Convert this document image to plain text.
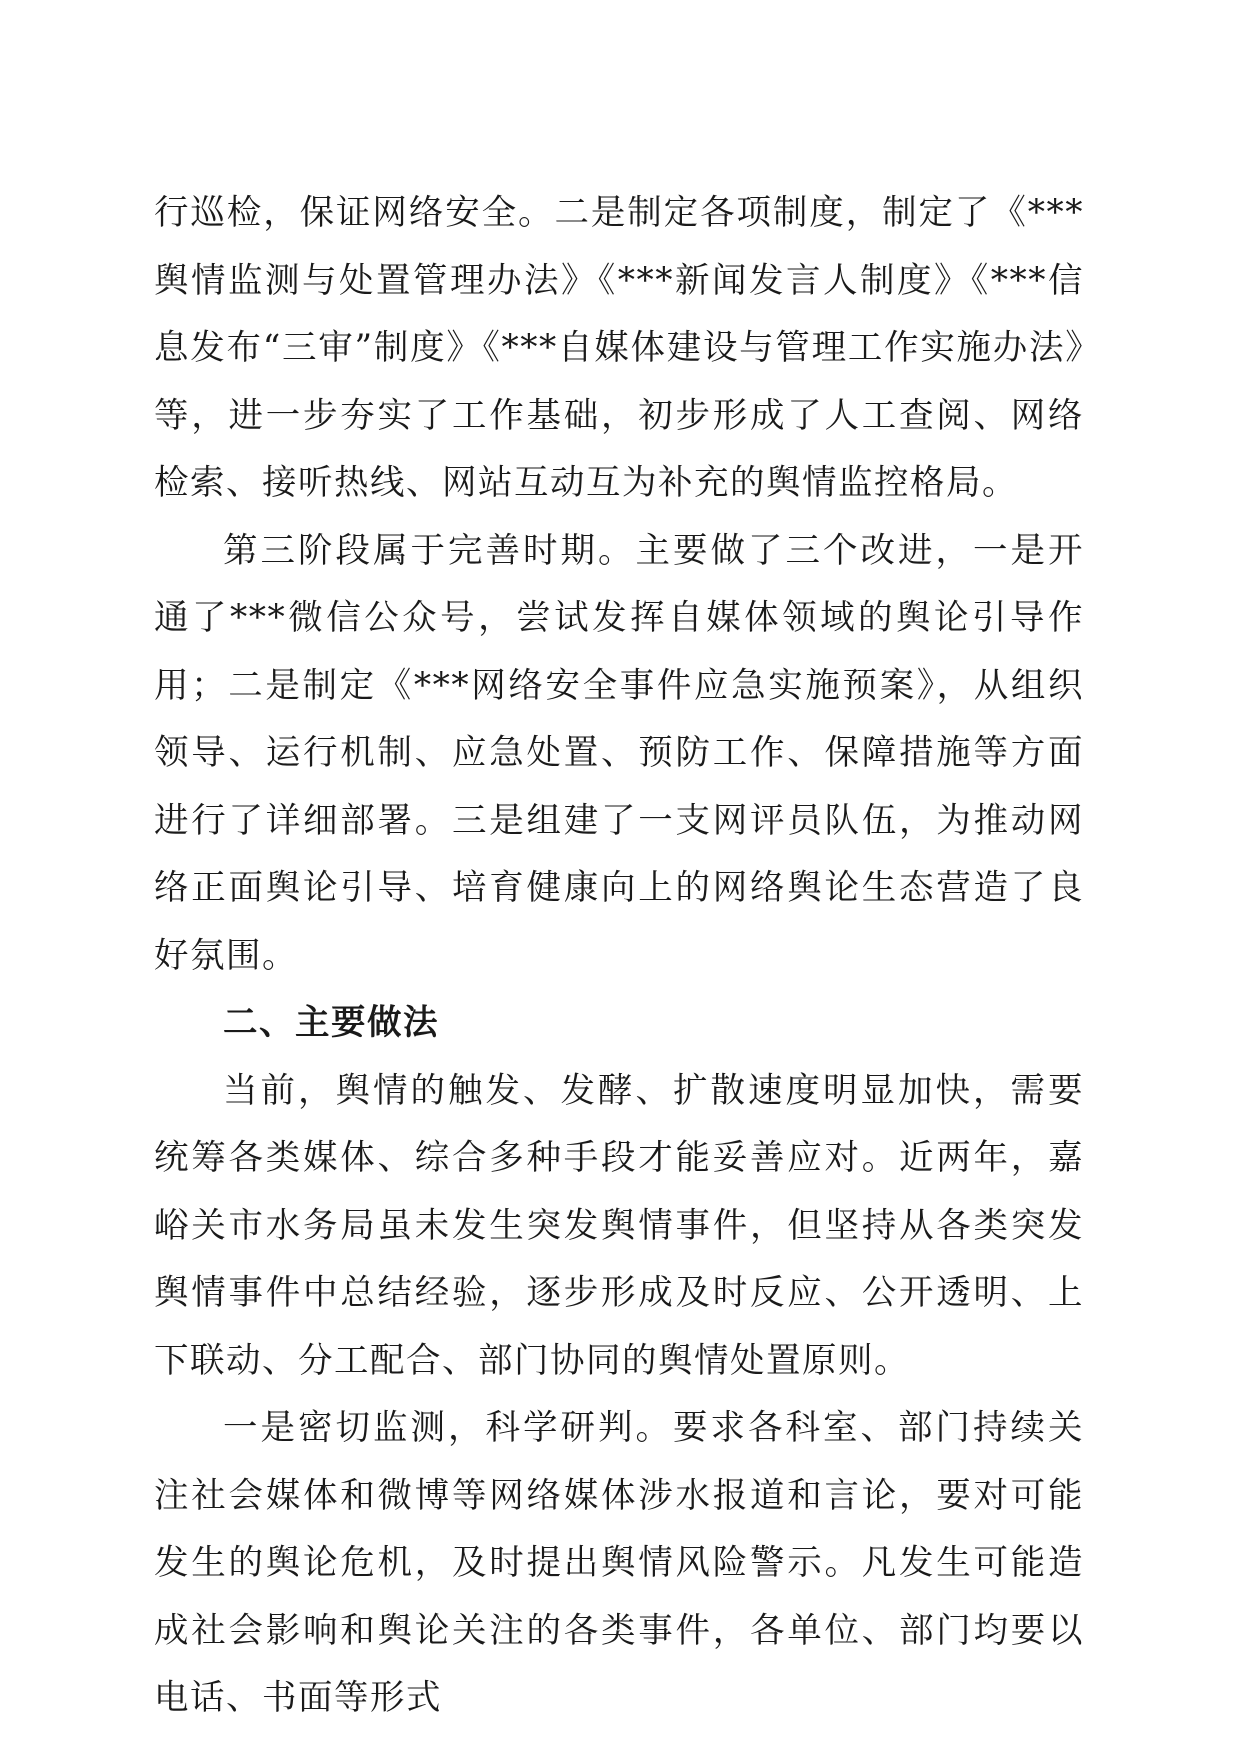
行巡检，保证网络安全。二是制定各项制度，制定了《***舆情监测与处置管理办法》《***新闻发言人制度》《***信息发布“三审”制度》《***自媒体建设与管理工作实施办法》等，进一步夯实了工作基础，初步形成了人工查阅、网络检索、接听热线、网站互动互为补充的舆情监控格局。

第三阶段属于完善时期。主要做了三个改进，一是开通了***微信公众号，尝试发挥自媒体领域的舆论引导作用；二是制定《***网络安全事件应急实施预案》，从组织领导、运行机制、应急处置、预防工作、保障措施等方面进行了详细部署。三是组建了一支网评员队伍，为推动网络正面舆论引导、培育健康向上的网络舆论生态营造了良好氛围。

二、主要做法

当前，舆情的触发、发酵、扩散速度明显加快，需要统筹各类媒体、综合多种手段才能妥善应对。近两年，嘉峪关市水务局虽未发生突发舆情事件，但坚持从各类突发舆情事件中总结经验，逐步形成及时反应、公开透明、上下联动、分工配合、部门协同的舆情处置原则。

一是密切监测，科学研判。要求各科室、部门持续关注社会媒体和微博等网络媒体涉水报道和言论，要对可能发生的舆论危机，及时提出舆情风险警示。凡发生可能造成社会影响和舆论关注的各类事件，各单位、部门均要以电话、书面等形式
